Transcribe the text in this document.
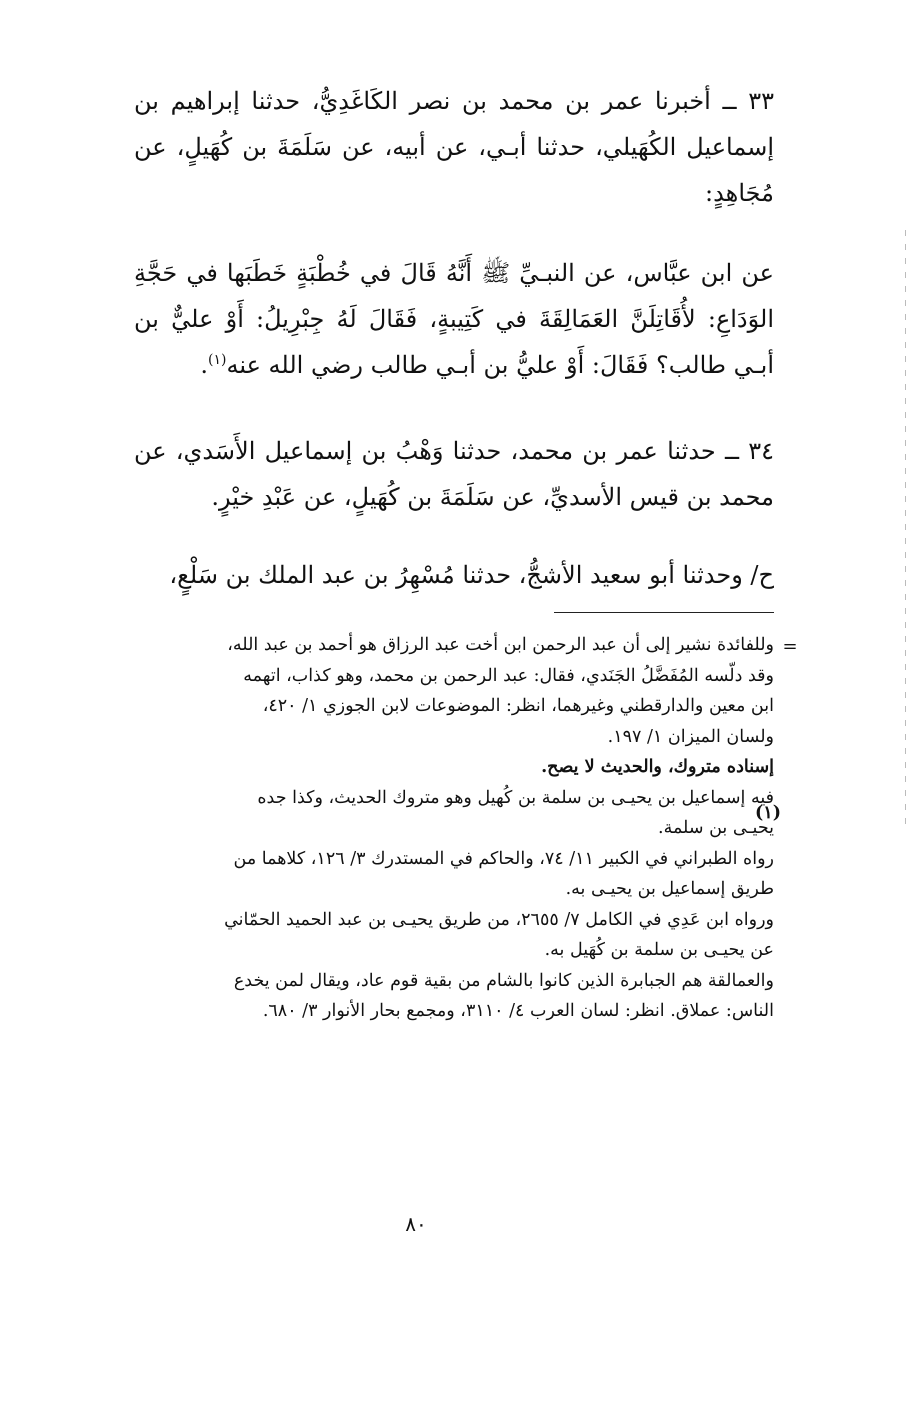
٣٣ ــ أخبرنا عمر بن محمد بن نصر الكَاغَدِيُّ، حدثنا إبراهيم بن إسماعيل الكُهَيلي، حدثنا أبـي، عن أبيه، عن سَلَمَةَ بن كُهَيلٍ، عن مُجَاهِدٍ:

عن ابن عبَّاس، عن النبـيِّ ﷺ أَنَّهُ قَالَ في خُطْبَةٍ خَطَبَها في حَجَّةِ الوَدَاعِ: لأُقَاتِلَنَّ العَمَالِقَةَ في كَتِيبةٍ، فَقَالَ لَهُ جِبْرِيلُ: أَوْ عليٌّ بن أبـي طالب؟ فَقَالَ: أَوْ عليُّ بن أبـي طالب رضي الله عنه$^{(١)}$.

٣٤ ــ حدثنا عمر بن محمد، حدثنا وَهْبُ بن إسماعيل الأَسَدي، عن محمد بن قيس الأسديِّ، عن سَلَمَةَ بن كُهَيلٍ، عن عَبْدِ خيْرٍ.

ح/ وحدثنا أبو سعيد الأشجُّ، حدثنا مُسْهِرُ بن عبد الملك بن سَلْعٍ،

=

وللفائدة نشير إلى أن عبد الرحمن ابن أخت عبد الرزاق هو أحمد بن عبد الله،

وقد دلّسه المُفَضَّلُ الجَنَدي، فقال: عبد الرحمن بن محمد، وهو كذاب، اتهمه

ابن معين والدارقطني وغيرهما، انظر: الموضوعات لابن الجوزي ١/ ٤٢٠،

ولسان الميزان ١/ ١٩٧.

إسناده متروك، والحديث لا يصح.

فيه إسماعيل بن يحيـى بن سلمة بن كُهيل وهو متروك الحديث، وكذا جده

يحيـى بن سلمة.

رواه الطبراني في الكبير ١١/ ٧٤، والحاكم في المستدرك ٣/ ١٢٦، كلاهما من

طريق إسماعيل بن يحيـى به.

ورواه ابن عَدِي في الكامل ٧/ ٢٦٥٥، من طريق يحيـى بن عبد الحميد الحمّاني

عن يحيـى بن سلمة بن كُهَيل به.

والعمالقة هم الجبابرة الذين كانوا بالشام من بقية قوم عاد، ويقال لمن يخدع

الناس: عملاق. انظر: لسان العرب ٤/ ٣١١٠، ومجمع بحار الأنوار ٣/ ٦٨٠.

(١)
٨٠
